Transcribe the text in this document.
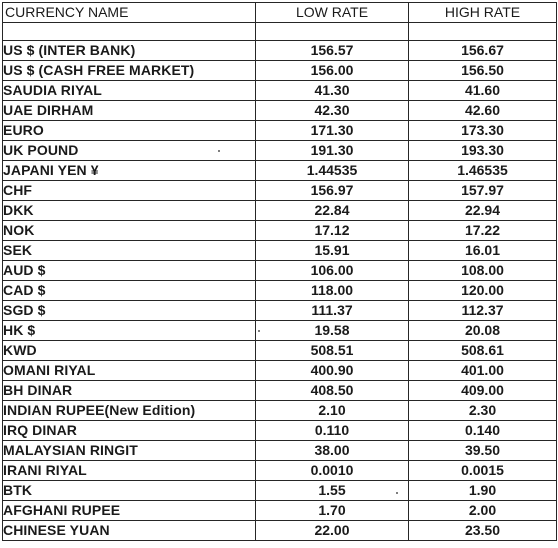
CURRENCY NAME	LOW RATE	HIGH RATE

US $ (INTER BANK)	156.57	156.67
US $ (CASH FREE MARKET)	156.00	156.50
SAUDIA RIYAL	41.30	41.60
UAE DIRHAM	42.30	42.60
EURO	171.30	173.30
UK POUND	191.30	193.30
JAPANI YEN ¥	1.44535	1.46535
CHF	156.97	157.97
DKK	22.84	22.94
NOK	17.12	17.22
SEK	15.91	16.01
AUD $	106.00	108.00
CAD $	118.00	120.00
SGD $	111.37	112.37
HK $	19.58	20.08
KWD	508.51	508.61
OMANI RIYAL	400.90	401.00
BH DINAR	408.50	409.00
INDIAN RUPEE(New Edition)	2.10	2.30
IRQ DINAR	0.110	0.140
MALAYSIAN RINGIT	38.00	39.50
IRANI RIYAL	0.0010	0.0015
BTK	1.55	1.90
AFGHANI RUPEE	1.70	2.00
CHINESE YUAN	22.00	23.50
